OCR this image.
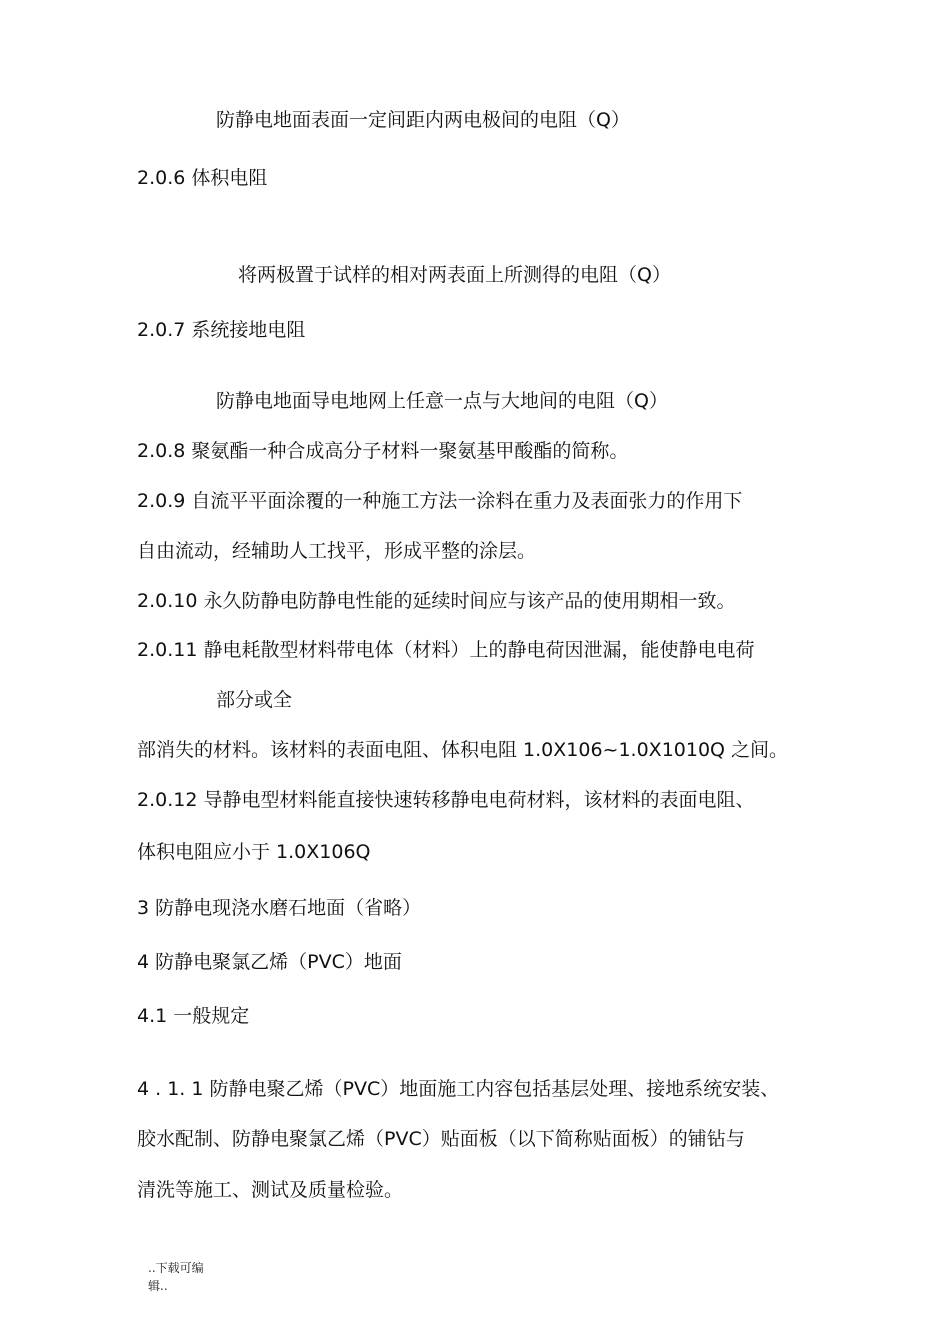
防静电地面表面一定间距内两电极间的电阻（Q）
2.0.6 体积电阻
将两极置于试样的相对两表面上所测得的电阻（Q）
2.0.7 系统接地电阻
防静电地面导电地网上任意一点与大地间的电阻（Q）
2.0.8 聚氨酯一种合成高分子材料一聚氨基甲酸酯的简称。
2.0.9 自流平平面涂覆的一种施工方法一涂料在重力及表面张力的作用下
自由流动，经辅助人工找平，形成平整的涂层。
2.0.10 永久防静电防静电性能的延续时间应与该产品的使用期相一致。
2.0.11 静电耗散型材料带电体（材料）上的静电荷因泄漏，能使静电电荷
部分或全
部消失的材料。该材料的表面电阻、体积电阻 1.0X106~1.0X1010Q 之间。
2.0.12 导静电型材料能直接快速转移静电电荷材料，该材料的表面电阻、
体积电阻应小于 1.0X106Q
3 防静电现浇水磨石地面（省略）
4 防静电聚氯乙烯（PVC）地面
4.1 一般规定
4 . 1. 1 防静电聚乙烯（PVC）地面施工内容包括基层处理、接地系统安装、
胶水配制、防静电聚氯乙烯（PVC）贴面板（以下简称贴面板）的铺钻与
清洗等施工、测试及质量检验。
..下载可编
辑..
